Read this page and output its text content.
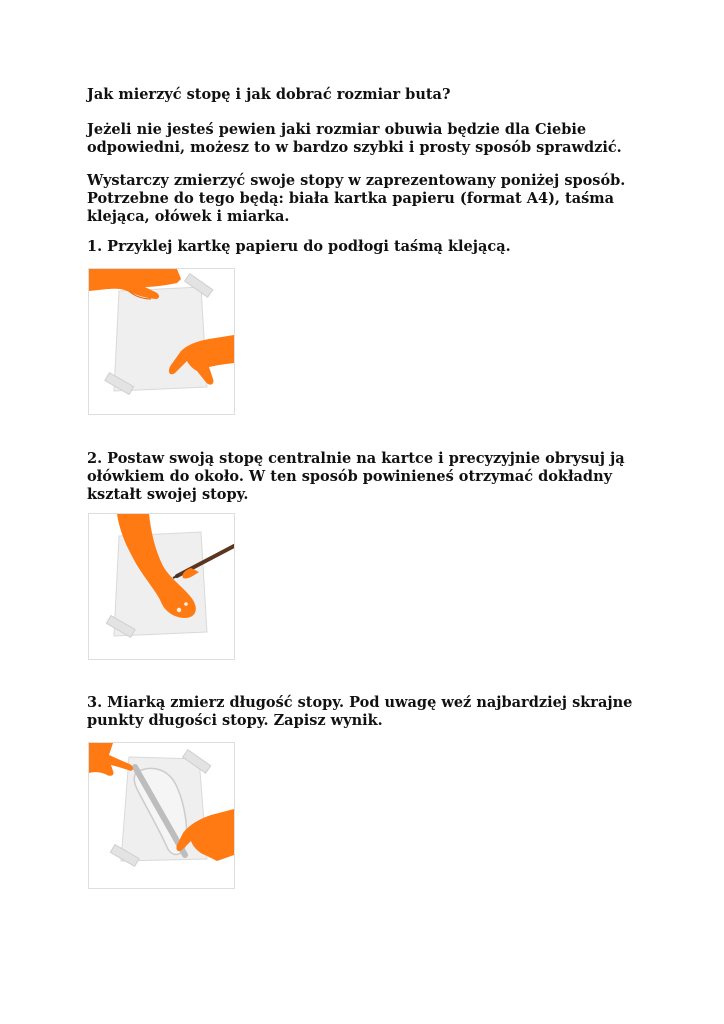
Jak mierzyć stopę i jak dobrać rozmiar buta?

Jeżeli nie jesteś pewien jaki rozmiar obuwia będzie dla Ciebie odpowiedni, możesz to w bardzo szybki i prosty sposób sprawdzić.

Wystarczy zmierzyć swoje stopy w zaprezentowany poniżej sposób. Potrzebne do tego będą: biała kartka papieru (format A4), taśma klejąca, ołówek i miarka.

1. Przyklej kartkę papieru do podłogi taśmą klejącą.

2. Postaw swoją stopę centralnie na kartce i precyzyjnie obrysuj ją ołówkiem do około. W ten sposób powinieneś otrzymać dokładny kształt swojej stopy.

3. Miarką zmierz długość stopy. Pod uwagę weź najbardziej skrajne punkty długości stopy. Zapisz wynik.
